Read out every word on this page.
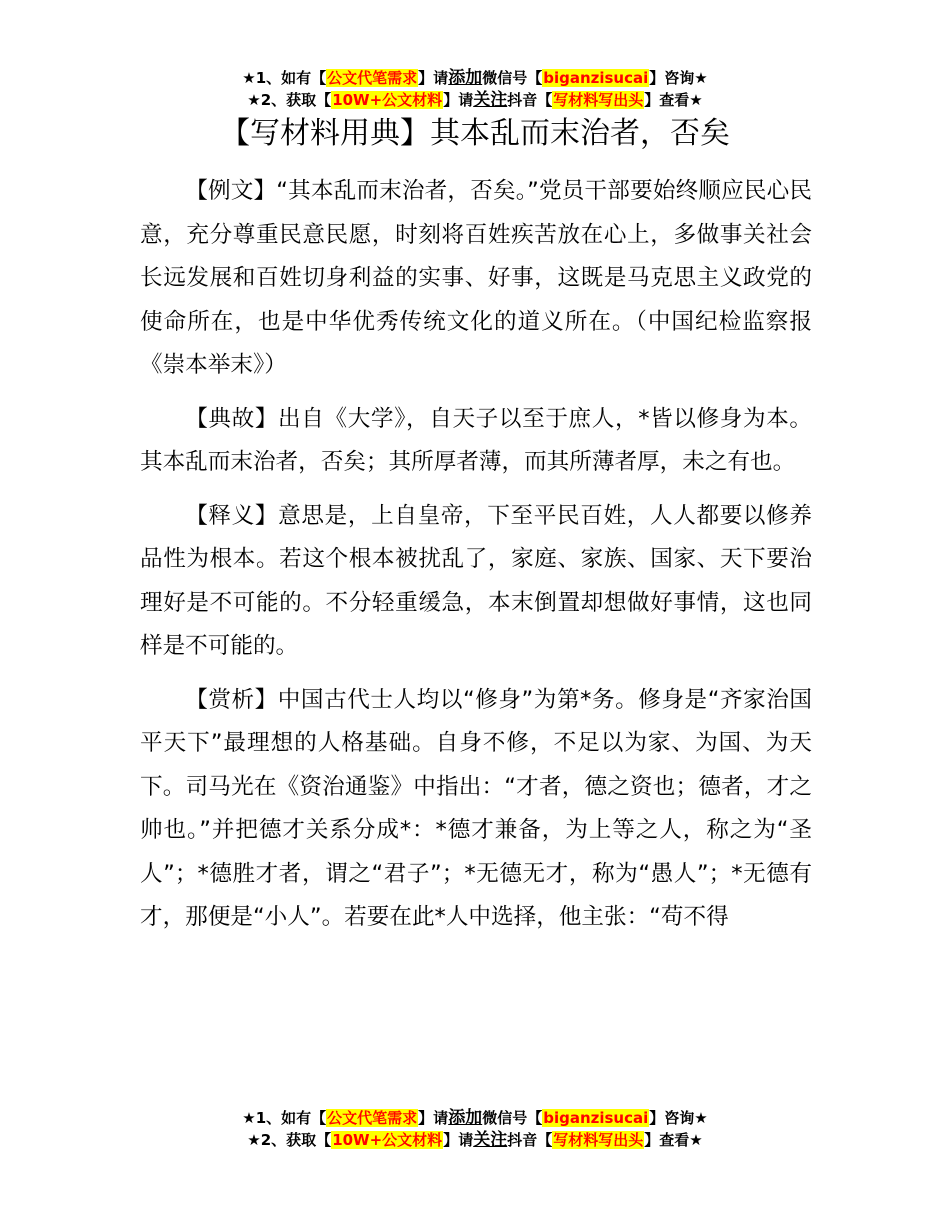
★1、如有【公文代笔需求】请添加微信号【biganzisucai】咨询★
★2、获取【10W+公文材料】请关注抖音【写材料写出头】查看★
【写材料用典】其本乱而末治者，否矣

【例文】“其本乱而末治者，否矣。”党员干部要始终顺应民心民意，充分尊重民意民愿，时刻将百姓疾苦放在心上，多做事关社会长远发展和百姓切身利益的实事、好事，这既是马克思主义政党的使命所在，也是中华优秀传统文化的道义所在。（中国纪检监察报《崇本举末》）

【典故】出自《大学》，自天子以至于庶人，*皆以修身为本。其本乱而末治者，否矣；其所厚者薄，而其所薄者厚，未之有也。

【释义】意思是，上自皇帝，下至平民百姓，人人都要以修养品性为根本。若这个根本被扰乱了，家庭、家族、国家、天下要治理好是不可能的。不分轻重缓急，本末倒置却想做好事情，这也同样是不可能的。

【赏析】中国古代士人均以“修身”为第*务。修身是“齐家治国平天下”最理想的人格基础。自身不修，不足以为家、为国、为天下。司马光在《资治通鉴》中指出：“才者，德之资也；德者，才之帅也。”并把德才关系分成*：*德才兼备，为上等之人，称之为“圣人”；*德胜才者，谓之“君子”；*无德无才，称为“愚人”；*无德有才，那便是“小人”。若要在此*人中选择，他主张：“苟不得

★1、如有【公文代笔需求】请添加微信号【biganzisucai】咨询★
★2、获取【10W+公文材料】请关注抖音【写材料写出头】查看★
